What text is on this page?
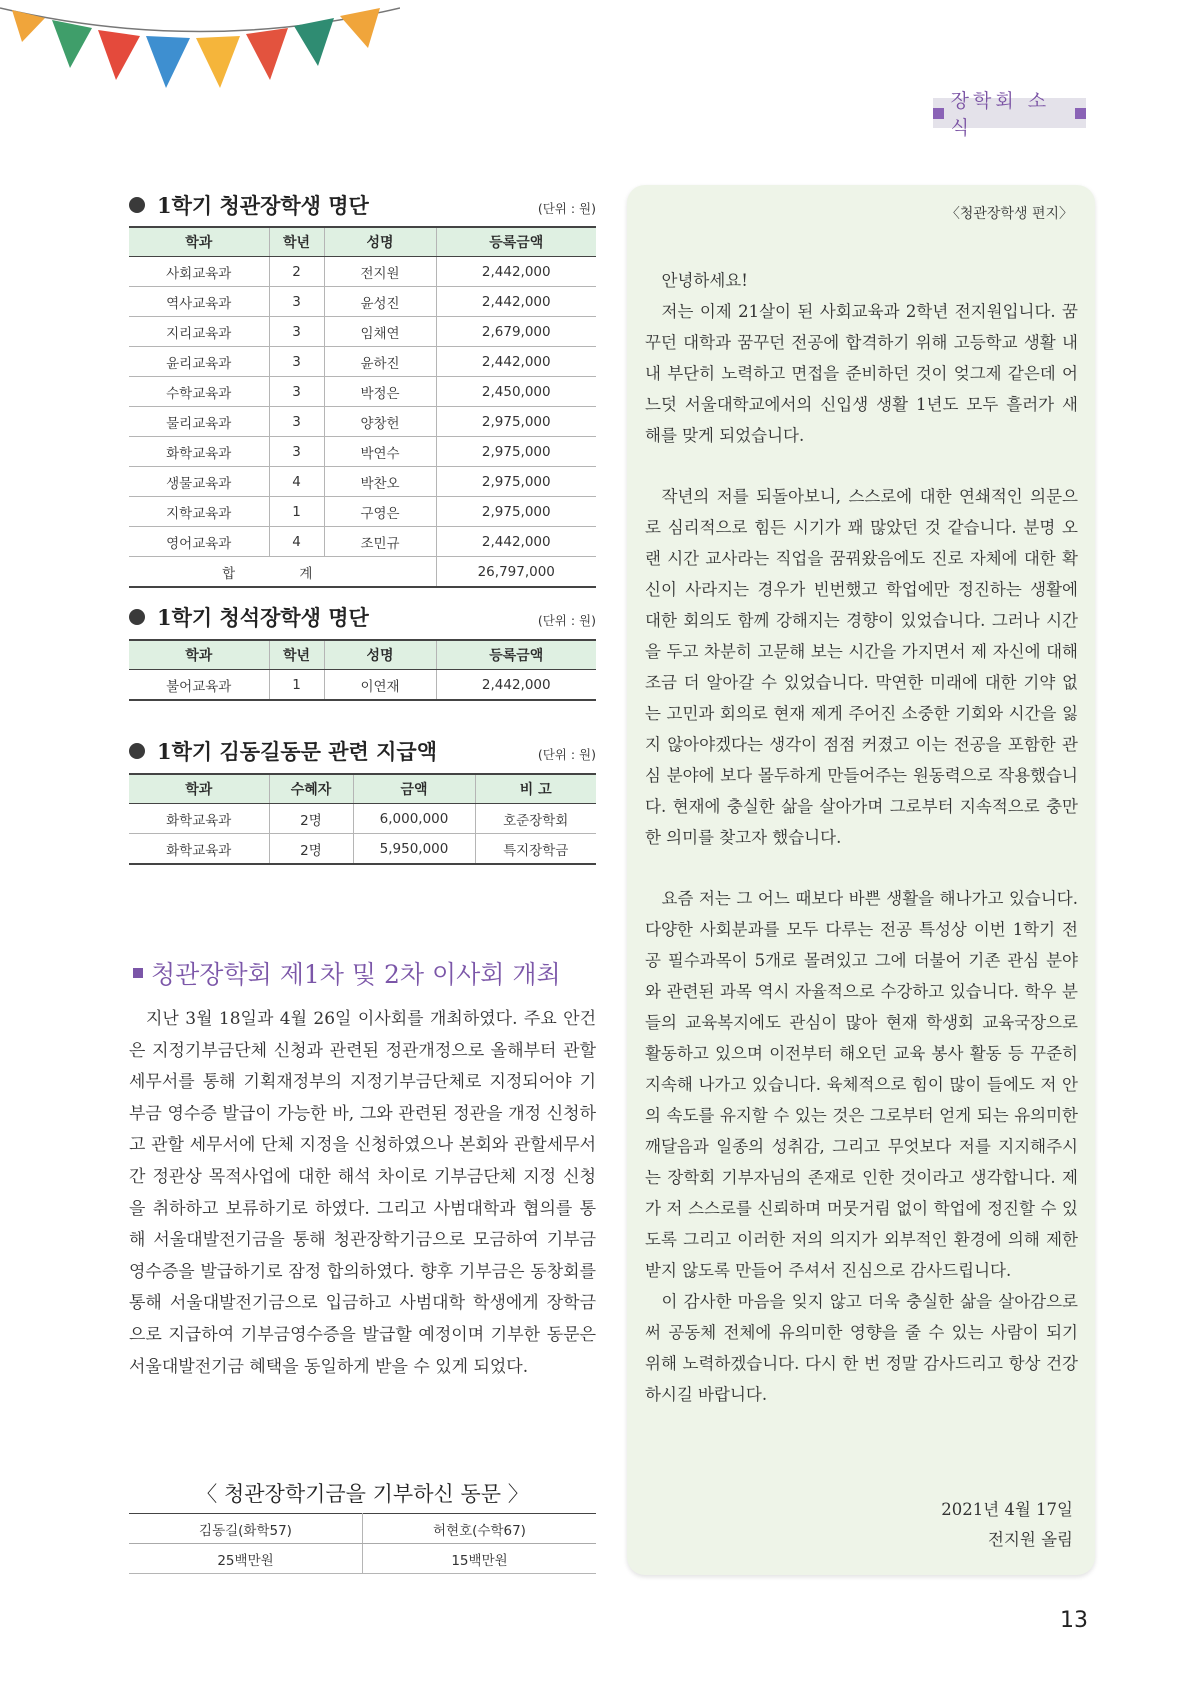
장학회 소식
1학기 청관장학생 명단	(단위 : 원)
학과	학년	성명	등록금액
사회교육과	2	전지원	2,442,000
역사교육과	3	윤성진	2,442,000
지리교육과	3	임채연	2,679,000
윤리교육과	3	윤하진	2,442,000
수학교육과	3	박정은	2,450,000
물리교육과	3	양창헌	2,975,000
화학교육과	3	박연수	2,975,000
생물교육과	4	박찬오	2,975,000
지학교육과	1	구영은	2,975,000
영어교육과	4	조민규	2,442,000
합 계			26,797,000
1학기 청석장학생 명단	(단위 : 원)
학과	학년	성명	등록금액
불어교육과	1	이연재	2,442,000
1학기 김동길동문 관련 지급액	(단위 : 원)
학과	수혜자	금액	비 고
화학교육과	2명	6,000,000	호준장학회
화학교육과	2명	5,950,000	특지장학금
청관장학회 제1차 및 2차 이사회 개최

지난 3월 18일과 4월 26일 이사회를 개최하였다. 주요 안건은 지정기부금단체 신청과 관련된 정관개정으로 올해부터 관할세무서를 통해 기획재정부의 지정기부금단체로 지정되어야 기부금 영수증 발급이 가능한 바, 그와 관련된 정관을 개정 신청하고 관할 세무서에 단체 지정을 신청하였으나 본회와 관할세무서간 정관상 목적사업에 대한 해석 차이로 기부금단체 지정 신청을 취하하고 보류하기로 하였다. 그리고 사범대학과 협의를 통해 서울대발전기금을 통해 청관장학기금으로 모금하여 기부금영수증을 발급하기로 잠정 합의하였다. 향후 기부금은 동창회를 통해 서울대발전기금으로 입금하고 사범대학 학생에게 장학금으로 지급하여 기부금영수증을 발급할 예정이며 기부한 동문은 서울대발전기금 혜택을 동일하게 받을 수 있게 되었다.

〈 청관장학기금을 기부하신 동문 〉
김동길(화학57)	허현호(수학67)
25백만원	15백만원
〈청관장학생 편지〉

안녕하세요!

저는 이제 21살이 된 사회교육과 2학년 전지원입니다. 꿈꾸던 대학과 꿈꾸던 전공에 합격하기 위해 고등학교 생활 내내 부단히 노력하고 면접을 준비하던 것이 엊그제 같은데 어느덧 서울대학교에서의 신입생 생활 1년도 모두 흘러가 새 해를 맞게 되었습니다.

작년의 저를 되돌아보니, 스스로에 대한 연쇄적인 의문으로 심리적으로 힘든 시기가 꽤 많았던 것 같습니다. 분명 오랜 시간 교사라는 직업을 꿈꿔왔음에도 진로 자체에 대한 확신이 사라지는 경우가 빈번했고 학업에만 정진하는 생활에 대한 회의도 함께 강해지는 경향이 있었습니다. 그러나 시간을 두고 차분히 고문해 보는 시간을 가지면서 제 자신에 대해 조금 더 알아갈 수 있었습니다. 막연한 미래에 대한 기약 없는 고민과 회의로 현재 제게 주어진 소중한 기회와 시간을 잃지 않아야겠다는 생각이 점점 커졌고 이는 전공을 포함한 관심 분야에 보다 몰두하게 만들어주는 원동력으로 작용했습니다. 현재에 충실한 삶을 살아가며 그로부터 지속적으로 충만한 의미를 찾고자 했습니다.

요즘 저는 그 어느 때보다 바쁜 생활을 해나가고 있습니다. 다양한 사회분과를 모두 다루는 전공 특성상 이번 1학기 전공 필수과목이 5개로 몰려있고 그에 더불어 기존 관심 분야와 관련된 과목 역시 자율적으로 수강하고 있습니다. 학우 분들의 교육복지에도 관심이 많아 현재 학생회 교육국장으로 활동하고 있으며 이전부터 해오던 교육 봉사 활동 등 꾸준히 지속해 나가고 있습니다. 육체적으로 힘이 많이 들에도 저 안의 속도를 유지할 수 있는 것은 그로부터 얻게 되는 유의미한 깨달음과 일종의 성취감, 그리고 무엇보다 저를 지지해주시는 장학회 기부자님의 존재로 인한 것이라고 생각합니다. 제가 저 스스로를 신뢰하며 머뭇거림 없이 학업에 정진할 수 있도록 그리고 이러한 저의 의지가 외부적인 환경에 의해 제한받지 않도록 만들어 주셔서 진심으로 감사드립니다.

이 감사한 마음을 잊지 않고 더욱 충실한 삶을 살아감으로써 공동체 전체에 유의미한 영향을 줄 수 있는 사람이 되기 위해 노력하겠습니다. 다시 한 번 정말 감사드리고 항상 건강하시길 바랍니다.

2021년 4월 17일
전지원 올림
13
